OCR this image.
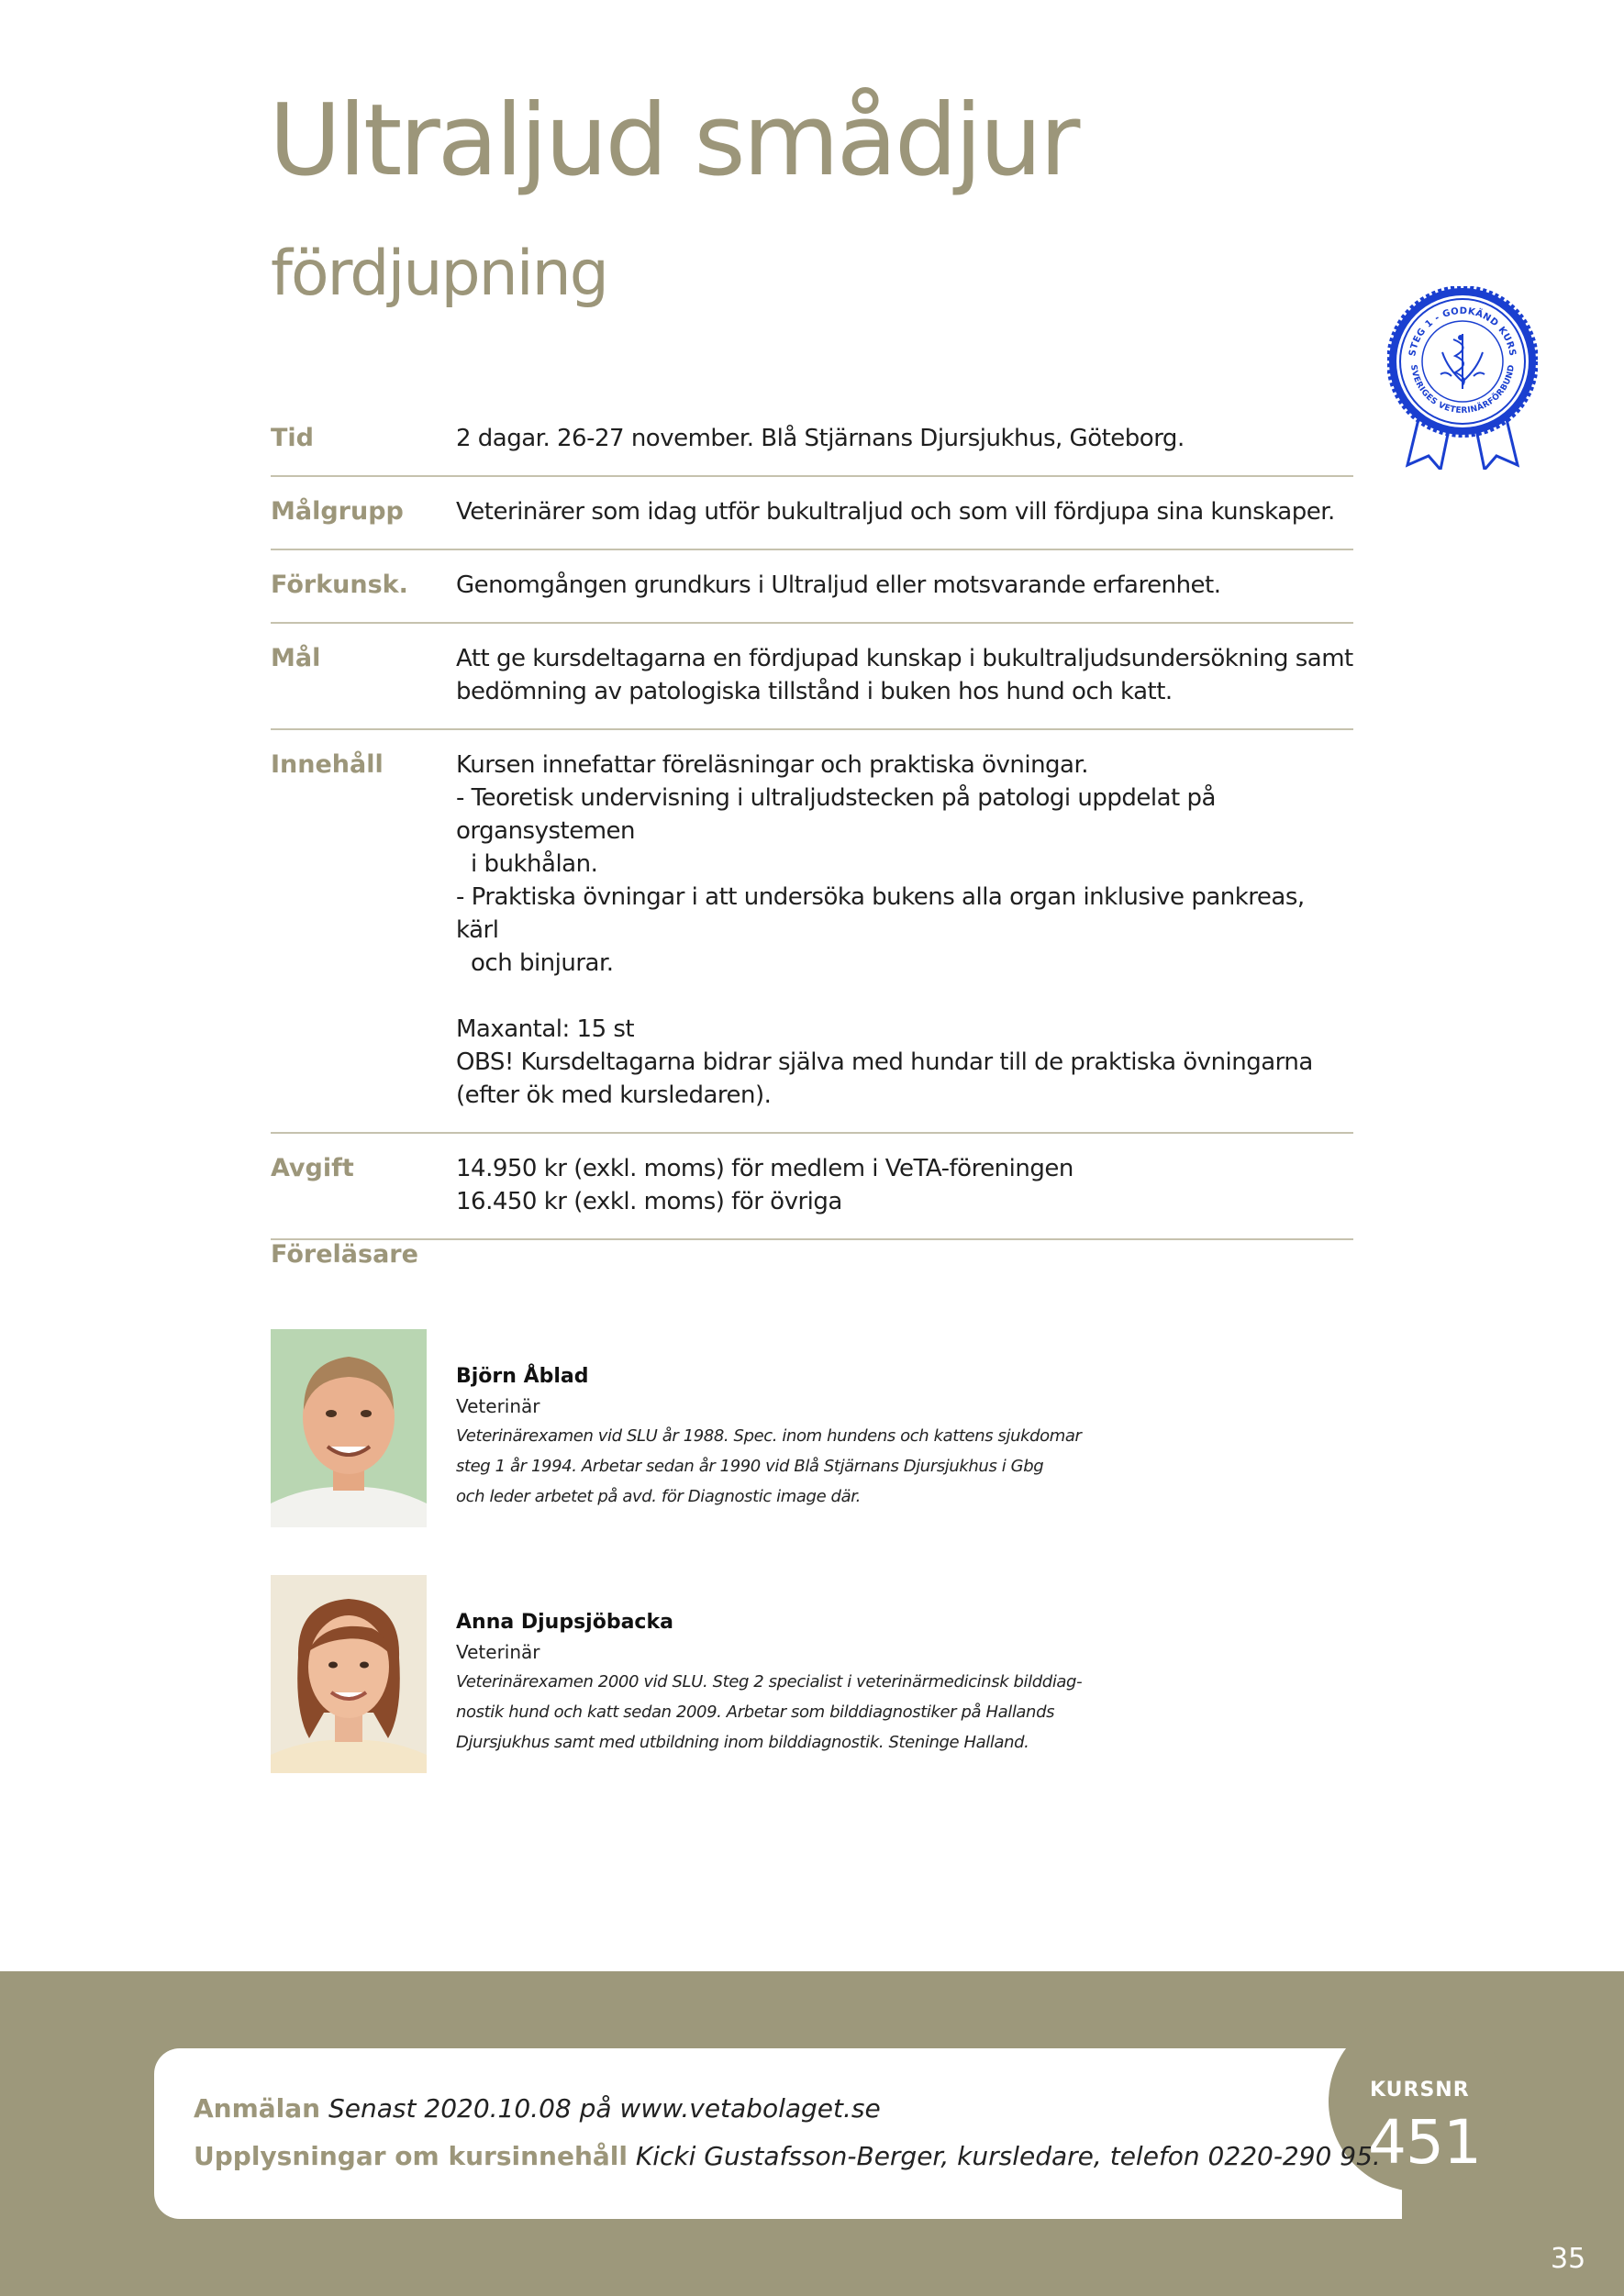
Ultraljud smådjur
fördjupning
STEG 1 - GODKÄND KURS
SVERIGES VETERINÄRFÖRBUND
Tid	2 dagar. 26-27 november. Blå Stjärnans Djursjukhus, Göteborg.
Målgrupp	Veterinärer som idag utför bukultraljud och som vill fördjupa sina kunskaper.
Förkunsk.	Genomgången grundkurs i Ultraljud eller motsvarande erfarenhet.
Mål	Att ge kursdeltagarna en fördjupad kunskap i bukultraljudsundersökning samt
bedömning av patologiska tillstånd i buken hos hund och katt.
Innehåll	Kursen innefattar föreläsningar och praktiska övningar.
- Teoretisk undervisning i ultraljudstecken på patologi uppdelat på organsystemen
i bukhålan.
- Praktiska övningar i att undersöka bukens alla organ inklusive pankreas, kärl
och binjurar.
Maxantal: 15 st
OBS! Kursdeltagarna bidrar själva med hundar till de praktiska övningarna
(efter ök med kursledaren).
Avgift	14.950 kr (exkl. moms) för medlem i VeTA-föreningen
16.450 kr (exkl. moms) för övriga
Föreläsare
Björn Åblad
Veterinär
Veterinärexamen vid SLU år 1988. Spec. inom hundens och kattens sjukdomar
steg 1 år 1994. Arbetar sedan år 1990 vid Blå Stjärnans Djursjukhus i Gbg
och leder arbetet på avd. för Diagnostic image där.
Anna Djupsjöbacka
Veterinär
Veterinärexamen 2000 vid SLU. Steg 2 specialist i veterinärmedicinsk bilddiag-
nostik hund och katt sedan 2009. Arbetar som bilddiagnostiker på Hallands
Djursjukhus samt med utbildning inom bilddiagnostik. Steninge Halland.
Anmälan Senast 2020.10.08 på www.vetabolaget.se
Upplysningar om kursinnehåll Kicki Gustafsson-Berger, kursledare, telefon 0220-290 95.
KURSNR
451
35
